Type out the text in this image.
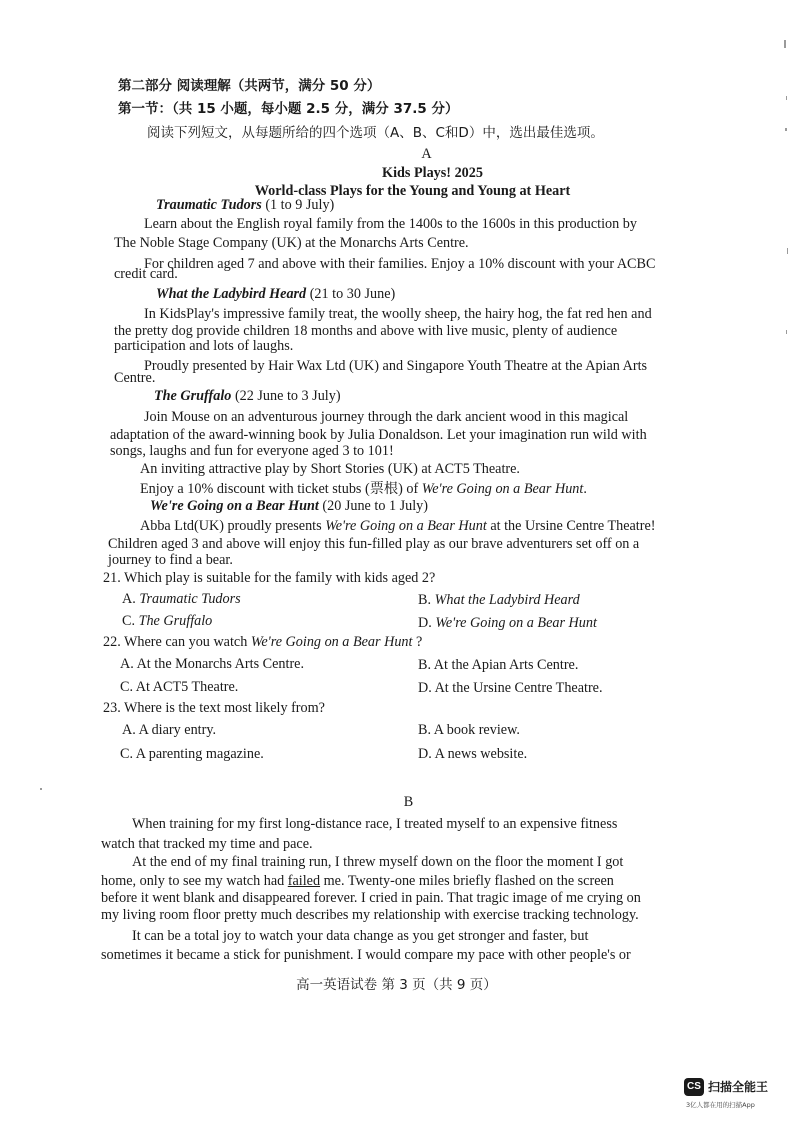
第二部分 阅读理解（共两节，满分 50 分）
第一节：（共 15 小题，每小题 2.5 分，满分 37.5 分）
阅读下列短文，从每题所给的四个选项（A、B、C和D）中，选出最佳选项。
A
Kids Plays! 2025
World-class Plays for the Young and Young at Heart
Traumatic Tudors (1 to 9 July)
Learn about the English royal family from the 1400s to the 1600s in this production by
The Noble Stage Company (UK) at the Monarchs Arts Centre.
For children aged 7 and above with their families. Enjoy a 10% discount with your ACBC
credit card.
What the Ladybird Heard (21 to 30 June)
In KidsPlay's impressive family treat, the woolly sheep, the hairy hog, the fat red hen and
the pretty dog provide children 18 months and above with live music, plenty of audience
participation and lots of laughs.
Proudly presented by Hair Wax Ltd (UK) and Singapore Youth Theatre at the Apian Arts
Centre.
The Gruffalo (22 June to 3 July)
Join Mouse on an adventurous journey through the dark ancient wood in this magical
adaptation of the award-winning book by Julia Donaldson. Let your imagination run wild with
songs, laughs and fun for everyone aged 3 to 101!
An inviting attractive play by Short Stories (UK) at ACT5 Theatre.
Enjoy a 10% discount with ticket stubs (票根) of We're Going on a Bear Hunt.
We're Going on a Bear Hunt (20 June to 1 July)
Abba Ltd(UK) proudly presents We're Going on a Bear Hunt at the Ursine Centre Theatre!
Children aged 3 and above will enjoy this fun-filled play as our brave adventurers set off on a
journey to find a bear.
21. Which play is suitable for the family with kids aged 2?
A. Traumatic Tudors	B. What the Ladybird Heard
C. The Gruffalo	D. We're Going on a Bear Hunt
22. Where can you watch We're Going on a Bear Hunt ?
A. At the Monarchs Arts Centre.	B. At the Apian Arts Centre.
C. At ACT5 Theatre.	D. At the Ursine Centre Theatre.
23. Where is the text most likely from?
A. A diary entry.	B. A book review.
C. A parenting magazine.	D. A news website.
B
When training for my first long-distance race, I treated myself to an expensive fitness
watch that tracked my time and pace.
At the end of my final training run, I threw myself down on the floor the moment I got
home, only to see my watch had failed me. Twenty-one miles briefly flashed on the screen
before it went blank and disappeared forever. I cried in pain. That tragic image of me crying on
my living room floor pretty much describes my relationship with exercise tracking technology.
It can be a total joy to watch your data change as you get stronger and faster, but
sometimes it became a stick for punishment. I would compare my pace with other people's or
高一英语试卷 第 3 页（共 9 页）
CS 扫描全能王
3亿人都在用的扫描App
